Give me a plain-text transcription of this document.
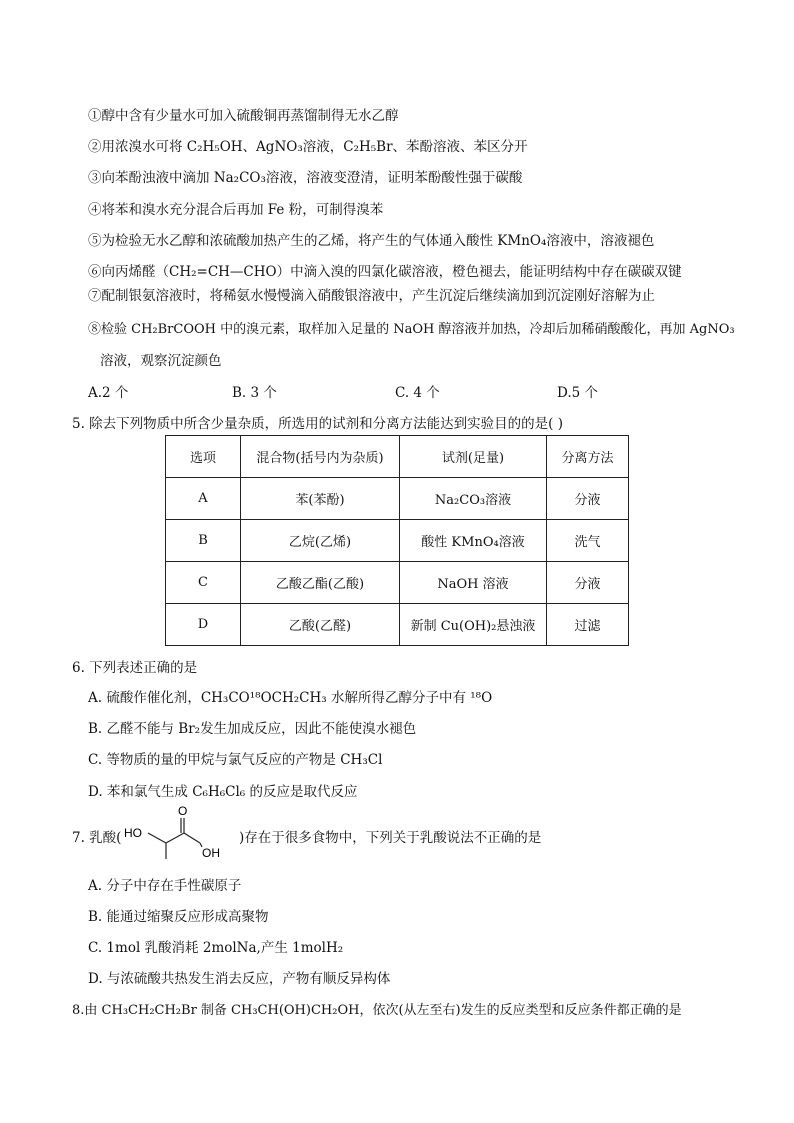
①醇中含有少量水可加入硫酸铜再蒸馏制得无水乙醇
②用浓溴水可将 C₂H₅OH、AgNO₃溶液，C₂H₅Br、苯酚溶液、苯区分开
③向苯酚浊液中滴加 Na₂CO₃溶液，溶液变澄清，证明苯酚酸性强于碳酸
④将苯和溴水充分混合后再加 Fe 粉，可制得溴苯
⑤为检验无水乙醇和浓硫酸加热产生的乙烯，将产生的气体通入酸性 KMnO₄溶液中，溶液褪色
⑥向丙烯醛（CH₂=CH—CHO）中滴入溴的四氯化碳溶液，橙色褪去，能证明结构中存在碳碳双键
⑦配制银氨溶液时，将稀氨水慢慢滴入硝酸银溶液中，产生沉淀后继续滴加到沉淀刚好溶解为止
⑧检验 CH₂BrCOOH 中的溴元素，取样加入足量的 NaOH 醇溶液并加热，冷却后加稀硝酸酸化，再加 AgNO₃
溶液，观察沉淀颜色
A.2 个	B. 3 个	C. 4 个	D.5 个
5. 除去下列物质中所含少量杂质，所选用的试剂和分离方法能达到实验目的的是( )
选项	混合物(括号内为杂质)	试剂(足量)	分离方法
A	苯(苯酚)	Na₂CO₃溶液	分液
B	乙烷(乙烯)	酸性 KMnO₄溶液	洗气
C	乙酸乙酯(乙酸)	NaOH 溶液	分液
D	乙酸(乙醛)	新制 Cu(OH)₂悬浊液	过滤
6. 下列表述正确的是
A. 硫酸作催化剂，CH₃CO¹⁸OCH₂CH₃ 水解所得乙醇分子中有 ¹⁸O
B. 乙醛不能与 Br₂发生加成反应，因此不能使溴水褪色
C. 等物质的量的甲烷与氯气反应的产物是 CH₃Cl
D. 苯和氯气生成 C₆H₆Cl₆ 的反应是取代反应
7. 乳酸( HO
O
OH
)存在于很多食物中，下列关于乳酸说法不正确的是
A. 分子中存在手性碳原子
B. 能通过缩聚反应形成高聚物
C. 1mol 乳酸消耗 2molNa,产生 1molH₂
D. 与浓硫酸共热发生消去反应，产物有顺反异构体
8.由 CH₃CH₂CH₂Br 制备 CH₃CH(OH)CH₂OH，依次(从左至右)发生的反应类型和反应条件都正确的是
